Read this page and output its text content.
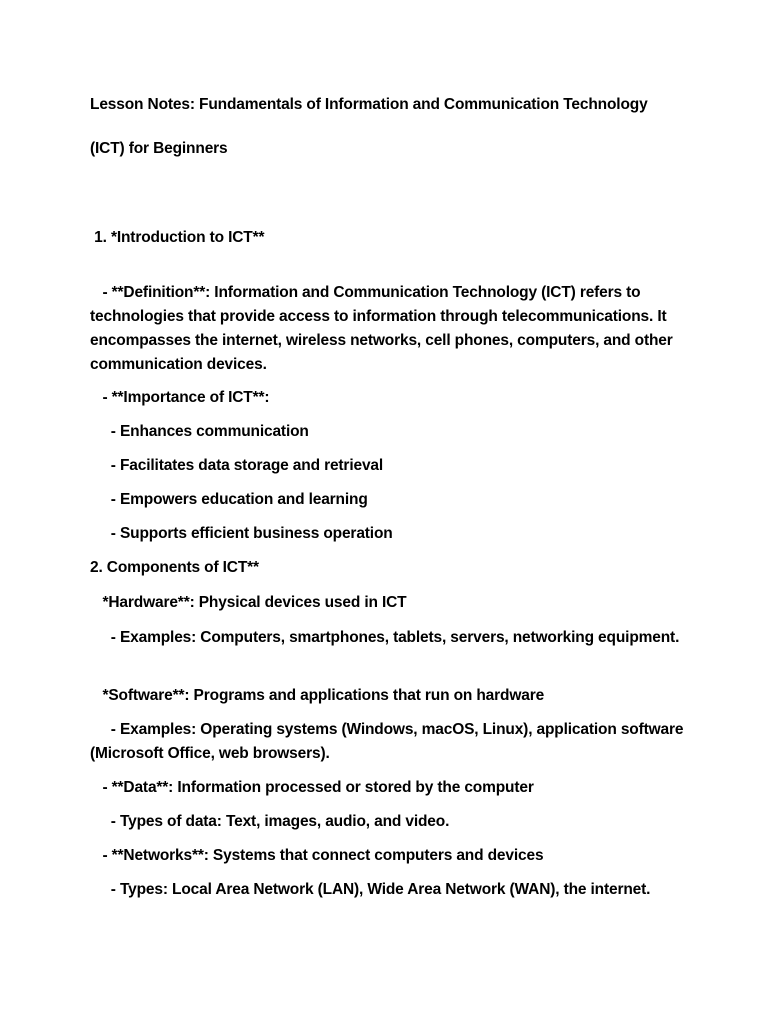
Lesson Notes: Fundamentals of Information and Communication Technology

(ICT) for Beginners

1. *Introduction to ICT**

- **Definition**: Information and Communication Technology (ICT) refers to technologies that provide access to information through telecommunications. It encompasses the internet, wireless networks, cell phones, computers, and other communication devices.

- **Importance of ICT**:

- Enhances communication

- Facilitates data storage and retrieval

- Empowers education and learning

- Supports efficient business operation

2. Components of ICT**

*Hardware**: Physical devices used in ICT

- Examples: Computers, smartphones, tablets, servers, networking equipment.

*Software**: Programs and applications that run on hardware

- Examples: Operating systems (Windows, macOS, Linux), application software (Microsoft Office, web browsers).

- **Data**: Information processed or stored by the computer

- Types of data: Text, images, audio, and video.

- **Networks**: Systems that connect computers and devices

- Types: Local Area Network (LAN), Wide Area Network (WAN), the internet.
